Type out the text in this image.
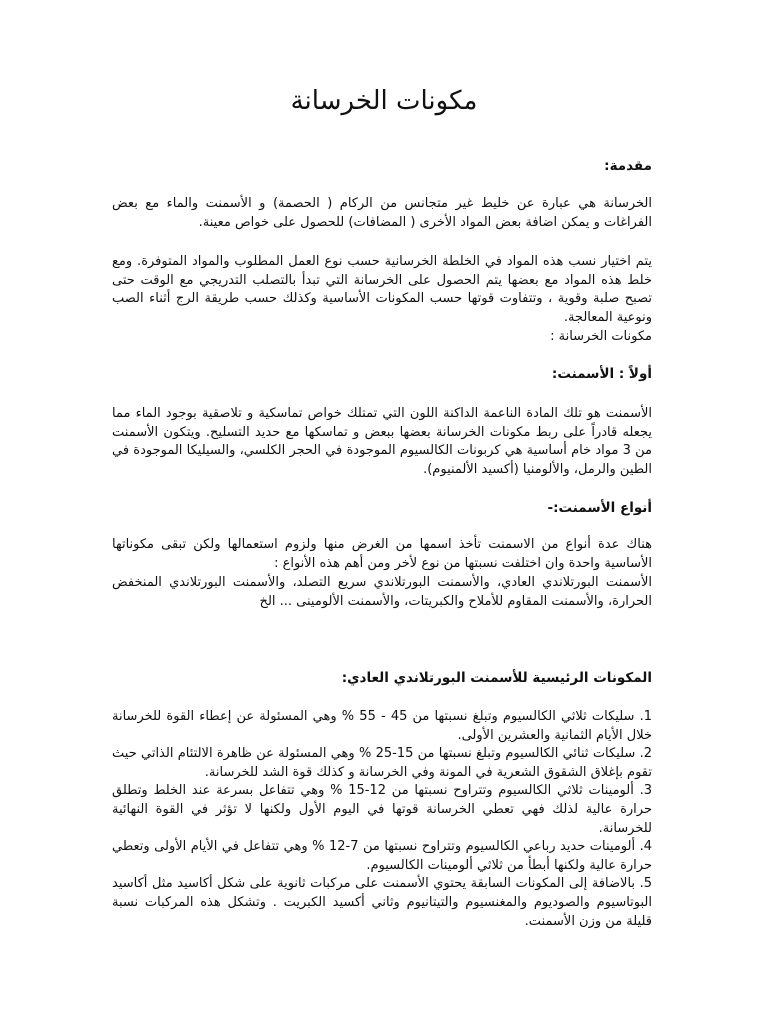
مكونات الخرسانة

مقدمة:

الخرسانة هي عبارة عن خليط غير متجانس من الركام ( الحصمة) و الأسمنت والماء مع بعض الفراغات و يمكن اضافة بعض المواد الأخرى ( المضافات) للحصول على خواص معينة.

يتم اختيار نسب هذه المواد في الخلطة الخرسانية حسب نوع العمل المطلوب والمواد المتوفرة. ومع خلط هذه المواد مع بعضها يتم الحصول على الخرسانة التي تبدأ بالتصلب التدريجي مع الوقت حتى تصبح صلبة وقوية ، وتتفاوت قوتها حسب المكونات الأساسية وكذلك حسب طريقة الرج أثناء الصب ونوعية المعالجة.

مكونات الخرسانة :

أولاً : الأسمنت:

الأسمنت هو تلك المادة الناعمة الداكنة اللون التي تمتلك خواص تماسكية و تلاصقية بوجود الماء مما يجعله قادراً على ربط مكونات الخرسانة بعضها ببعض و تماسكها مع حديد التسليح. ويتكون الأسمنت من 3 مواد خام أساسية هي كربونات الكالسيوم الموجودة في الحجر الكلسي، والسيليكا الموجودة في الطين والرمل، والألومنيا (أكسيد الألمنيوم).

أنواع الأسمنت:-

هناك عدة أنواع من الاسمنت تأخذ اسمها من الغرض منها ولزوم استعمالها ولكن تبقى مكوناتها الأساسية واحدة وان اختلفت نسبتها من نوع لأخر ومن أهم هذه الأنواع :

الأسمنت البورتلاندي العادي، والأسمنت البورتلاندي سريع التصلد، والأسمنت البورتلاندي المنخفض الحرارة، والأسمنت المقاوم للأملاح والكبريتات، والأسمنت الألومينى ... الخ

المكونات الرئيسية للأسمنت البورتلاندي العادي:

1. سليكات ثلاثي الكالسيوم وتبلغ نسبتها من 45 - 55 % وهي المسئولة عن إعطاء القوة للخرسانة خلال الأيام الثمانية والعشرين الأولى.
2. سليكات ثنائي الكالسيوم وتبلغ نسبتها من 15-25 % وهي المسئولة عن ظاهرة الالتئام الذاتي حيث تقوم بإغلاق الشقوق الشعرية في المونة وفي الخرسانة و كذلك قوة الشد للخرسانة.
3. ألومينات ثلاثي الكالسيوم وتتراوح نسبتها من 12-15 % وهي تتفاعل بسرعة عند الخلط وتطلق حرارة عالية لذلك فهي تعطي الخرسانة قوتها في اليوم الأول ولكنها لا تؤثر في القوة النهائية للخرسانة.
4. ألومينات حديد رباعي الكالسيوم وتتراوح نسبتها من 7-12 % وهي تتفاعل في الأيام الأولى وتعطي حرارة عالية ولكنها أبطأ من ثلاثي ألومينات الكالسيوم.
5. بالاضافة إلى المكونات السابقة يحتوي الأسمنت على مركبات ثانوية على شكل أكاسيد مثل أكاسيد البوتاسيوم والصوديوم والمغنسيوم والتيتانيوم وثاني أكسيد الكبريت . وتشكل هذه المركبات نسبة قليلة من وزن الأسمنت.
